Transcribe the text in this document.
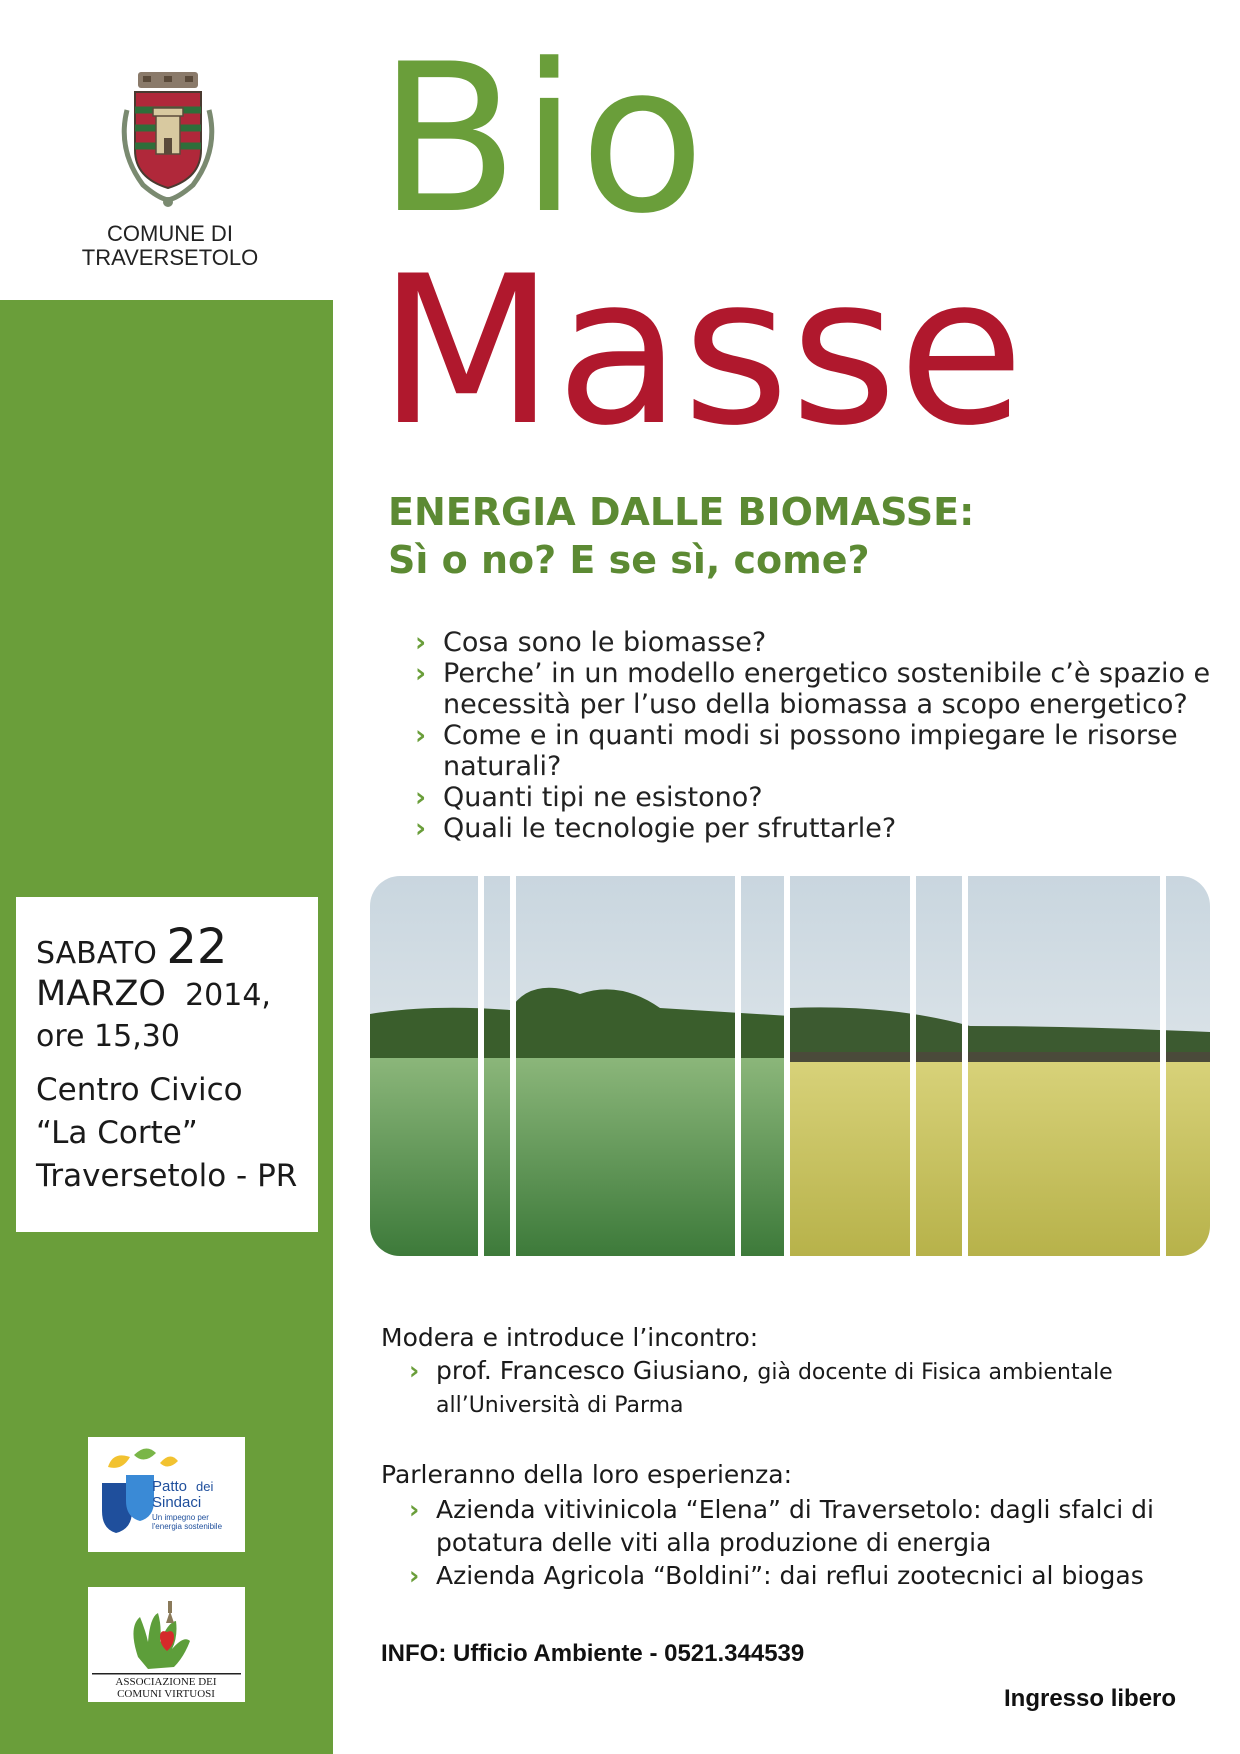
COMUNE DI
TRAVERSETOLO Bio
Masse
ENERGIA DALLE BIOMASSE:
Sì o no? E se sì, come?
› Cosa sono le biomasse?
› Perche’ in un modello energetico sostenibile c’è spazio e necessità per l’uso della biomassa a scopo energetico?
› Come e in quanti modi si possono impiegare le risorse naturali?
› Quanti tipi ne esistono?
› Quali le tecnologie per sfruttarle?
SABATO 22
MARZO 2014,
ore 15,30
Centro Civico
“La Corte”
Traversetolo - PR
Modera e introduce l’incontro:
› prof. Francesco Giusiano, già docente di Fisica ambientale
all’Università di Parma
Parleranno della loro esperienza:
› Azienda vitivinicola “Elena” di Traversetolo: dagli sfalci di potatura delle viti alla produzione di energia
› Azienda Agricola “Boldini”: dai reflui zootecnici al biogas
INFO: Ufficio Ambiente - 0521.344539
Ingresso libero
Patto dei
Sindaci
Un impegno per
l'energia sostenibile
ASSOCIAZIONE DEI
COMUNI VIRTUOSI
